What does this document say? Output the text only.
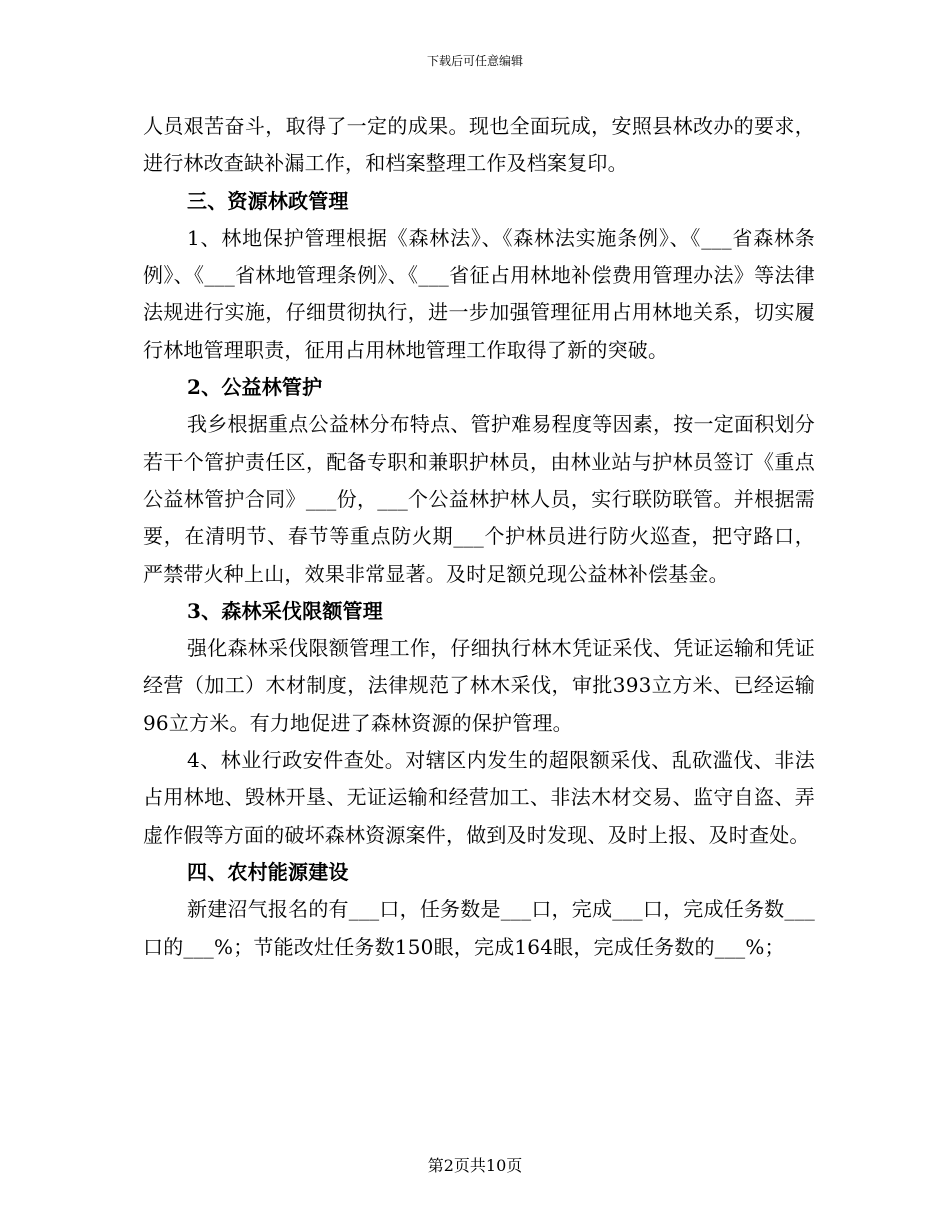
下载后可任意编辑

人员艰苦奋斗，取得了一定的成果。现也全面玩成，安照县林改办的要求，进行林改查缺补漏工作，和档案整理工作及档案复印。

三、资源林政管理

1、林地保护管理根据《森林法》、《森林法实施条例》、《___省森林条例》、《___省林地管理条例》、《___省征占用林地补偿费用管理办法》等法律法规进行实施，仔细贯彻执行，进一步加强管理征用占用林地关系，切实履行林地管理职责，征用占用林地管理工作取得了新的突破。

2、公益林管护

我乡根据重点公益林分布特点、管护难易程度等因素，按一定面积划分若干个管护责任区，配备专职和兼职护林员，由林业站与护林员签订《重点公益林管护合同》___份，___个公益林护林人员，实行联防联管。并根据需要，在清明节、春节等重点防火期___个护林员进行防火巡查，把守路口，严禁带火种上山，效果非常显著。及时足额兑现公益林补偿基金。

3、森林采伐限额管理

强化森林采伐限额管理工作，仔细执行林木凭证采伐、凭证运输和凭证经营（加工）木材制度，法律规范了林木采伐，审批393立方米、已经运输96立方米。有力地促进了森林资源的保护管理。

4、林业行政安件查处。对辖区内发生的超限额采伐、乱砍滥伐、非法占用林地、毁林开垦、无证运输和经营加工、非法木材交易、监守自盗、弄虚作假等方面的破坏森林资源案件，做到及时发现、及时上报、及时查处。

四、农村能源建设

新建沼气报名的有___口，任务数是___口，完成___口，完成任务数___口的___%；节能改灶任务数150眼，完成164眼，完成任务数的___%；

第2页共10页
